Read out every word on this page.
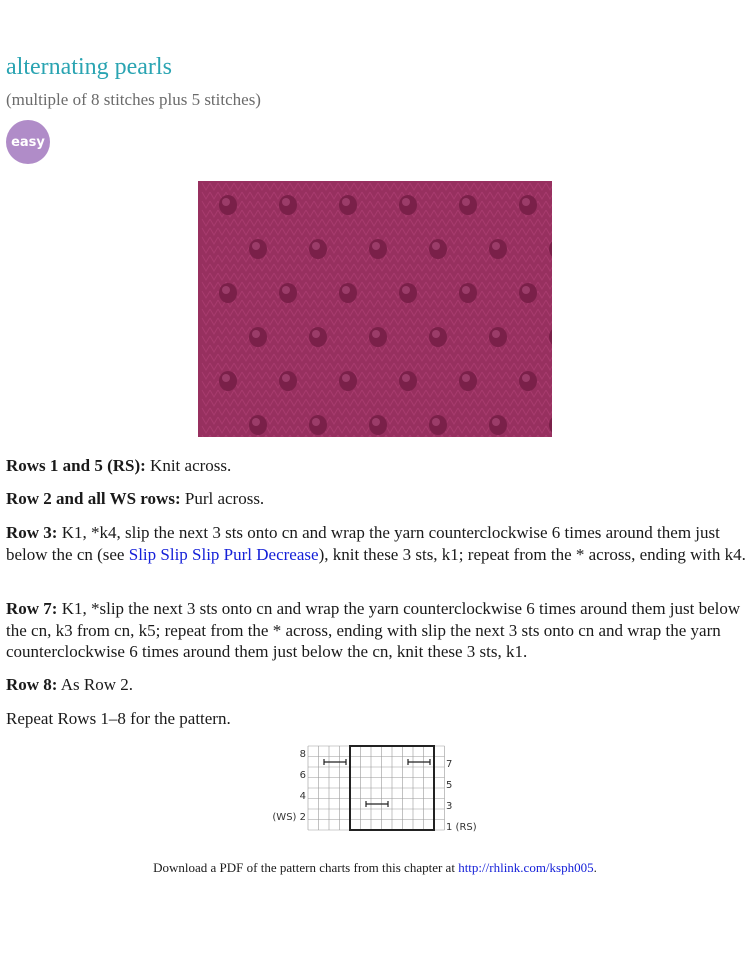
alternating pearls

(multiple of 8 stitches plus 5 stitches)

easy

Rows 1 and 5 (RS): Knit across.

Row 2 and all WS rows: Purl across.

Row 3: K1, *k4, slip the next 3 sts onto cn and wrap the yarn counterclockwise 6 times around them just below the cn (see Slip Slip Slip Purl Decrease), knit these 3 sts, k1; repeat from the * across, ending with k4.

Row 7: K1, *slip the next 3 sts onto cn and wrap the yarn counterclockwise 6 times around them just below the cn, k3 from cn, k5; repeat from the * across, ending with slip the next 3 sts onto cn and wrap the yarn counterclockwise 6 times around them just below the cn, knit these 3 sts, k1.

Row 8: As Row 2.

Repeat Rows 1–8 for the pattern.

8
6
4
(WS) 2
7
5
3
1 (RS)

Download a PDF of the pattern charts from this chapter at http://rhlink.com/ksph005.
